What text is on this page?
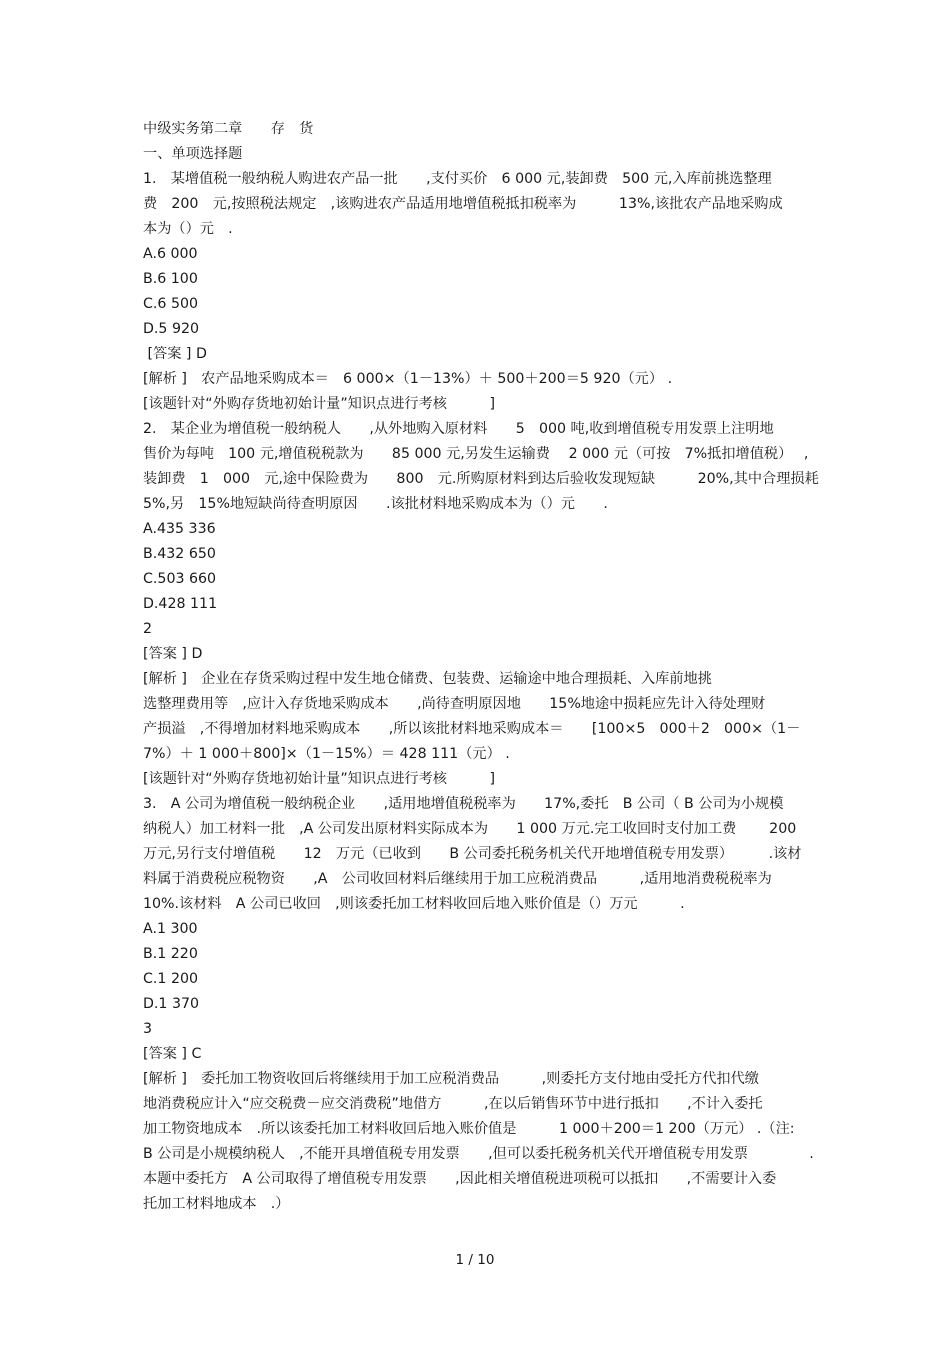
中级实务第二章　　存　货
一、单项选择题
1.　某增值税一般纳税人购进农产品一批　　,支付买价　6 000 元,装卸费　500 元,入库前挑选整理
费　200　元,按照税法规定　,该购进农产品适用地增值税抵扣税率为　　　13%,该批农产品地采购成
本为（）元　.
A.6 000
B.6 100
C.6 500
D.5 920
[答案 ] D
[解析 ]　农产品地采购成本＝　6 000×（1－13%）＋ 500＋200＝5 920（元） .
[该题针对“外购存货地初始计量”知识点进行考核　　　]
2.　某企业为增值税一般纳税人　　,从外地购入原材料　　5　000 吨,收到增值税专用发票上注明地
售价为每吨　100 元,增值税税款为　　85 000 元,另发生运输费　 2 000 元（可按　7%抵扣增值税）　 ,
装卸费　1　000　元,途中保险费为　　800　元.所购原材料到达后验收发现短缺　　　20%,其中合理损耗
5%,另　15%地短缺尚待查明原因　　.该批材料地采购成本为（）元　　.
A.435 336
B.432 650
C.503 660
D.428 111
2
[答案 ] D
[解析 ]　企业在存货采购过程中发生地仓储费、包装费、运输途中地合理损耗、入库前地挑
选整理费用等　,应计入存货地采购成本　　,尚待查明原因地　　15%地途中损耗应先计入待处理财
产损溢　,不得增加材料地采购成本　　,所以该批材料地采购成本＝　　[100×5　000＋2　000×（1－
7%）＋ 1 000＋800]×（1－15%）＝ 428 111（元） .
[该题针对“外购存货地初始计量”知识点进行考核　　　]
3.　A 公司为增值税一般纳税企业　　,适用地增值税税率为　　17%,委托　B 公司（ B 公司为小规模
纳税人）加工材料一批　,A 公司发出原材料实际成本为　　1 000 万元.完工收回时支付加工费　　 200
万元,另行支付增值税　　12　万元（已收到　　B 公司委托税务机关代开地增值税专用发票）　　　.该材
料属于消费税应税物资　　,A　公司收回材料后继续用于加工应税消费品　　　,适用地消费税税率为
10%.该材料　A 公司已收回　,则该委托加工材料收回后地入账价值是（）万元　　　.
A.1 300
B.1 220
C.1 200
D.1 370
3
[答案 ] C
[解析 ]　委托加工物资收回后将继续用于加工应税消费品　　　,则委托方支付地由受托方代扣代缴
地消费税应计入“应交税费－应交消费税”地借方　　　,在以后销售环节中进行抵扣　　,不计入委托
加工物资地成本　.所以该委托加工材料收回后地入账价值是　　　1 000＋200＝1 200（万元） .（注:
B 公司是小规模纳税人　,不能开具增值税专用发票　　,但可以委托税务机关代开增值税专用发票　　　　 .
本题中委托方　A 公司取得了增值税专用发票　　,因此相关增值税进项税可以抵扣　　,不需要计入委
托加工材料地成本　.）
1 / 10
